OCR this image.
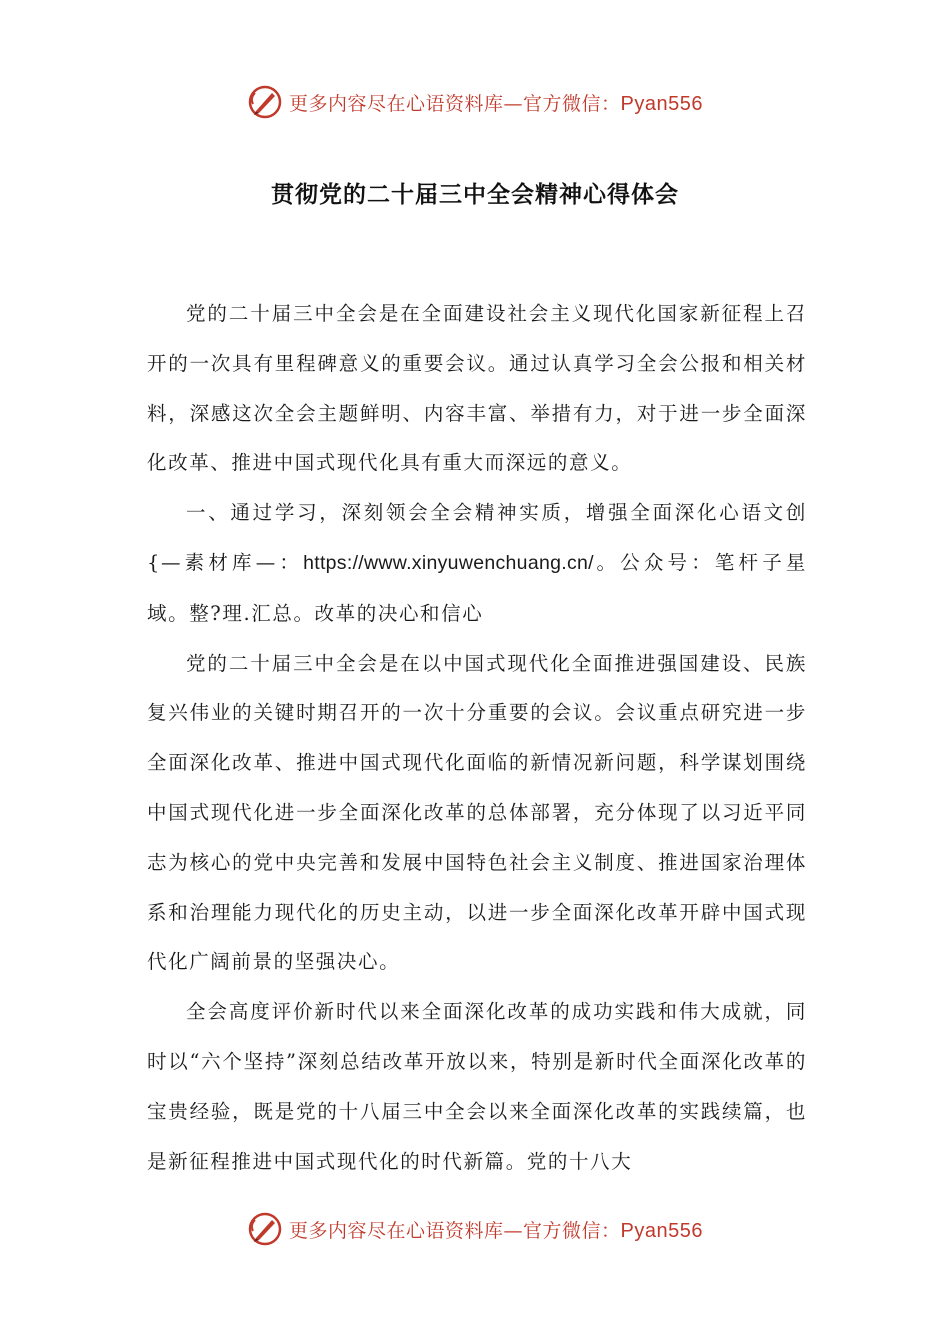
更多内容尽在心语资料库—官方微信：Pyan556
贯彻党的二十届三中全会精神心得体会

党的二十届三中全会是在全面建设社会主义现代化国家新征程上召开的一次具有里程碑意义的重要会议。通过认真学习全会公报和相关材料，深感这次全会主题鲜明、内容丰富、举措有力，对于进一步全面深化改革、推进中国式现代化具有重大而深远的意义。

一、通过学习，深刻领会全会精神实质，增强全面深化心语文创{—素材库—：https://www.xinyuwenchuang.cn/。公众号：笔杆子星域。整?理.汇总。改革的决心和信心

党的二十届三中全会是在以中国式现代化全面推进强国建设、民族复兴伟业的关键时期召开的一次十分重要的会议。会议重点研究进一步全面深化改革、推进中国式现代化面临的新情况新问题，科学谋划围绕中国式现代化进一步全面深化改革的总体部署，充分体现了以习近平同志为核心的党中央完善和发展中国特色社会主义制度、推进国家治理体系和治理能力现代化的历史主动，以进一步全面深化改革开辟中国式现代化广阔前景的坚强决心。

全会高度评价新时代以来全面深化改革的成功实践和伟大成就，同时以“六个坚持”深刻总结改革开放以来，特别是新时代全面深化改革的宝贵经验，既是党的十八届三中全会以来全面深化改革的实践续篇，也是新征程推进中国式现代化的时代新篇。党的十八大

更多内容尽在心语资料库—官方微信：Pyan556
